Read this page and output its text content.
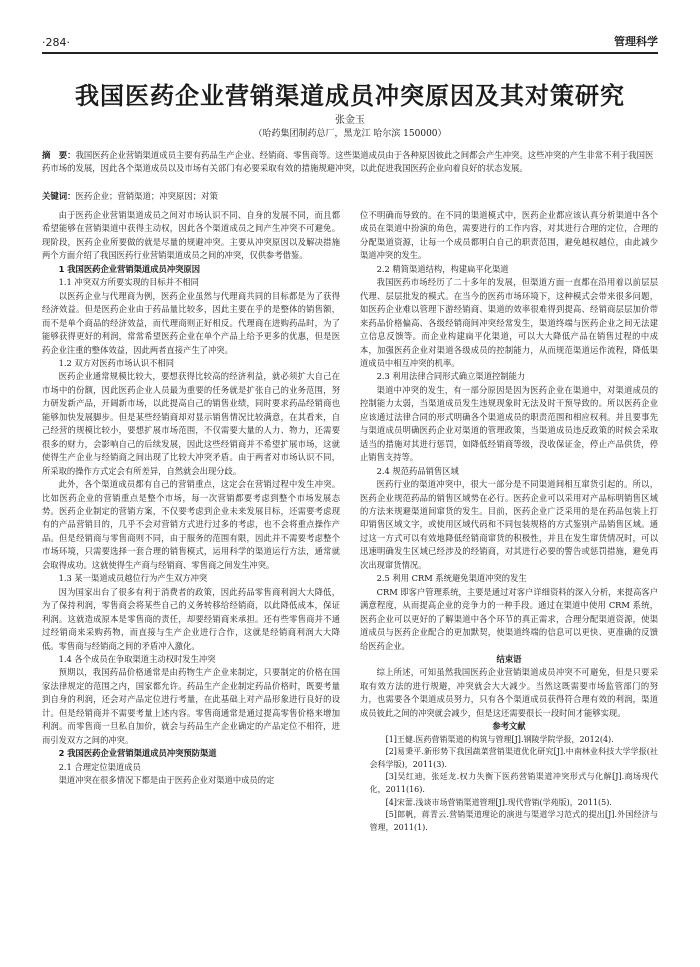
·284·	管理科学
我国医药企业营销渠道成员冲突原因及其对策研究
张金玉
（哈药集团制药总厂，黑龙江 哈尔滨 150000）
摘　要：我国医药企业营销渠道成员主要有药品生产企业、经销商、零售商等。这些渠道成员由于各种原因彼此之间都会产生冲突。这些冲突的产生非常不利于我国医药市场的发展，因此各个渠道成员以及市场有关部门有必要采取有效的措施规避冲突，以此促进我国医药企业向着良好的状态发展。
关键词：医药企业；营销渠道；冲突原因；对策

由于医药企业营销渠道成员之间对市场认识不同、自身的发展不同，而且都希望能够在营销渠道中获得主动权，因此各个渠道成员之间产生冲突不可避免。现阶段，医药企业所要做的就是尽量的规避冲突。主要从冲突原因以及解决措施两个方面介绍了我国医药行业营销渠道成员之间的冲突，仅供参考借鉴。

1 我国医药企业营销渠道成员冲突原因
1.1 冲突双方所要实现的目标并不相同

以医药企业与代理商为例，医药企业虽然与代理商共同的目标都是为了获得经济效益。但是医药企业由于药品量比较多，因此主要在乎的是整体的销售额，而不是单个商品的经济效益，而代理商则正好相反。代理商在进购药品时，为了能够获得更好的利润，常常希望医药企业在单个产品上给予更多的优惠，但是医药企业注重的整体效益，因此两者直接产生了冲突。

1.2 双方对医药市场认识不相同

医药企业通常规模比较大，要想获得比较高的经济利益，就必须扩大自己在市场中的份额，因此医药企业人员最为重要的任务就是扩张自己的业务范围，努力研发新产品，开阔新市场，以此提高自己的销售业绩，同时要求药品经销商也能够加快发展脚步。但是某些经销商却对显示销售情况比较满意，在其看来，自己经营的规模比较小，要想扩展市场范围，不仅需要大量的人力、物力，还需要很多的财力，会影响自己的后续发展，因此这些经销商并不希望扩展市场，这就使得生产企业与经销商之间出现了比较大冲突矛盾。由于两者对市场认识不同，所采取的操作方式定会有所差异，自然就会出现分歧。

此外，各个渠道成员都有自己的营销重点，这定会在营销过程中发生冲突。比如医药企业的营销重点是整个市场，每一次营销都要考虑到整个市场发展态势。医药企业制定的营销方案，不仅要考虑到企业未来发展目标，还需要考虑现有的产品营销目的，几乎不会对营销方式进行过多的考虑，也不会将重点操作产品。但是经销商与零售商则不同，由于服务的范围有限，因此并不需要考虑整个市场环境，只需要选择一套合理的销售模式，运用科学的渠道运行方法，通常就会取得成功。这就使得生产商与经销商、零售商之间发生冲突。

1.3 某一渠道成员越位行为产生双方冲突

因为国家出台了很多有利于消费者的政策，因此药品零售商利润大大降低，为了保持利润，零售商会将某些自己的义务转移给经销商，以此降低成本，保证利润。这就造成原本是零售商的责任，却要经销商来承担。还有些零售商并不通过经销商来采购药物，而直接与生产企业进行合作，这就是经销商利润大大降低。零售商与经销商之间的矛盾冲入激化。

1.4 各个成员在争取渠道主动权时发生冲突

预期以，我国药品价格通常是由药物生产企业来制定，只要制定的价格在国家法律规定的范围之内，国家都允许。药品生产企业制定药品价格时，既要考量到自身的利润，还会对产品定位进行考量，在此基础上对产品形象进行良好的设计。但是经销商并不需要考量上述内容。零售商通常是通过提高零售价格来增加利润。而零售商一旦私自加价，就会与药品生产企业确定的产品定位不相符，进而引发双方之间的冲突。

2 我国医药企业营销渠道成员冲突预防渠道
2.1 合理定位渠道成员

渠道冲突在很多情况下都是由于医药企业对渠道中成员的定

位不明确而导致的。在不同的渠道模式中，医药企业都应该认真分析渠道中各个成员在渠道中扮演的角色，需要进行的工作内容，对其进行合理的定位，合理的分配渠道资源，让每一个成员都明白自己的职责范围，避免越权越位，由此减少渠道冲突的发生。

2.2 精简渠道结构，构建扁平化渠道

我国医药市场经历了二十多年的发展，但渠道方面一直都在沿用着以前层层代理、层层批发的模式。在当今的医药市场环境下，这种模式会带来很多问题，如医药企业难以管理下游经销商、渠道的效率很难得到提高、经销商层层加价带来药品价格偏高、各级经销商间冲突经常发生，渠道终端与医药企业之间无法建立信息反馈等。而企业构建扁平化渠道，可以大大降低产品在销售过程的中成本，加强医药企业对渠道各级成员的控制能力，从而规范渠道运作流程，降低渠道成员中相互冲突的机率。

2.3 利用法律合同形式确立渠道控制能力

渠道中冲突的发生，有一部分原因是因为医药企业在渠道中，对渠道成员的控制能力太弱，当渠道成员发生违规现象时无法及时干预导致的。所以医药企业应该通过法律合同的形式明确各个渠道成员的职责范围和相应权利。并且要事先与渠道成员明确医药企业对渠道的管理政策，当渠道成员违反政策的时候会采取适当的措施对其进行惩罚，如降低经销商等级，没收保证金，停止产品供货，停止销售支持等。

2.4 规范药品销售区域

医药行业的渠道冲突中，很大一部分是不同渠道间相互窜货引起的。所以，医药企业规范药品的销售区域势在必行。医药企业可以采用对产品标明销售区域的方法来规避渠道间窜货的发生。目前，医药企业广泛采用的是在药品包装上打印销售区域文字，或使用区域代码和不同包装规格的方式鉴别产品销售区域。通过这一方式可以有效地降低经销商窜货的积极性，并且在发生窜货情况时，可以迅速明确发生区域已经涉及的经销商，对其进行必要的警告或惩罚措施，避免再次出现窜货情况。

2.5 利用 CRM 系统避免渠道冲突的发生

CRM 即客户管理系统，主要是通过对客户详细资料的深入分析，来提高客户满意程度，从而提高企业的竞争力的一种手段。通过在渠道中使用 CRM 系统，医药企业可以更好的了解渠道中各个环节的真正需求，合理分配渠道资源，使渠道成员与医药企业配合的更加默契，使渠道终端的信息可以更快、更准确的反馈给医药企业。

结束语

综上所述，可知虽然我国医药企业营销渠道成员冲突不可避免，但是只要采取有效方法的进行规避，冲突就会大大减少。当然这既需要市场监管部门的努力，也需要各个渠道成员努力，只有各个渠道成员获得符合理有效的利润，渠道成员彼此之间的冲突就会减少，但是这还需要很长一段时间才能够实现。

参考文献

[1]王健.医药营销渠道的构筑与管理[J].钢陵学院学报，2012(4).

[2]易秉平.新形势下我国蔬菜营销渠道优化研究[J].中南林业科技大学学报(社会科学版)，2011(3).

[3]吴红迪，张廷龙.权力失衡下医药营销渠道冲突形式与化解[J].商场现代化，2011(16).

[4]宋蕾.浅谈市场营销渠道管理[J].现代营销(学苑版)，2011(5).

[5]郎帆，蒋青云.营销渠道理论的演进与渠道学习范式的提出[J].外国经济与管理，2011(1).
